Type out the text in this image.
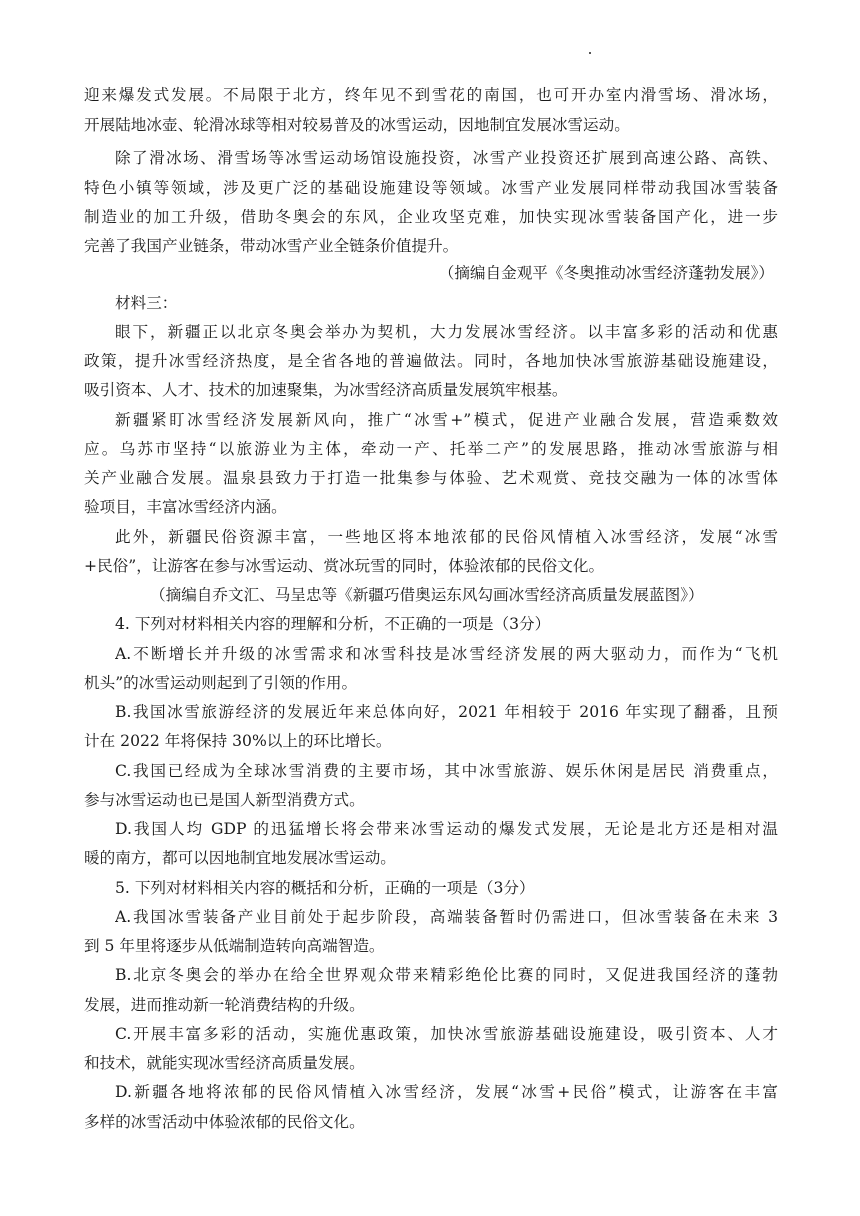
迎来爆发式发展。不局限于北方，终年见不到雪花的南国，也可开办室内滑雪场、滑冰场，
开展陆地冰壶、轮滑冰球等相对较易普及的冰雪运动，因地制宜发展冰雪运动。
除了滑冰场、滑雪场等冰雪运动场馆设施投资，冰雪产业投资还扩展到高速公路、高铁、
特色小镇等领域，涉及更广泛的基础设施建设等领域。冰雪产业发展同样带动我国冰雪装备
制造业的加工升级，借助冬奥会的东风，企业攻坚克难，加快实现冰雪装备国产化，进一步
完善了我国产业链条，带动冰雪产业全链条价值提升。
（摘编自金观平《冬奥推动冰雪经济蓬勃发展》）
材料三：
眼下，新疆正以北京冬奥会举办为契机，大力发展冰雪经济。以丰富多彩的活动和优惠
政策，提升冰雪经济热度，是全省各地的普遍做法。同时，各地加快冰雪旅游基础设施建设，
吸引资本、人才、技术的加速聚集，为冰雪经济高质量发展筑牢根基。
新疆紧盯冰雪经济发展新风向，推广“冰雪+”模式，促进产业融合发展，营造乘数效
应。乌苏市坚持“以旅游业为主体，牵动一产、托举二产”的发展思路，推动冰雪旅游与相
关产业融合发展。温泉县致力于打造一批集参与体验、艺术观赏、竞技交融为一体的冰雪体
验项目，丰富冰雪经济内涵。
此外，新疆民俗资源丰富，一些地区将本地浓郁的民俗风情植入冰雪经济，发展“冰雪
+民俗”，让游客在参与冰雪运动、赏冰玩雪的同时，体验浓郁的民俗文化。
（摘编自乔文汇、马呈忠等《新疆巧借奥运东风勾画冰雪经济高质量发展蓝图》）
4. 下列对材料相关内容的理解和分析，不正确的一项是（3分）
A.不断增长并升级的冰雪需求和冰雪科技是冰雪经济发展的两大驱动力，而作为“飞机
机头”的冰雪运动则起到了引领的作用。
B.我国冰雪旅游经济的发展近年来总体向好，2021 年相较于 2016 年实现了翻番，且预
计在 2022 年将保持 30%以上的环比增长。
C.我国已经成为全球冰雪消费的主要市场，其中冰雪旅游、娱乐休闲是居民 消费重点，
参与冰雪运动也已是国人新型消费方式。
D.我国人均 GDP 的迅猛增长将会带来冰雪运动的爆发式发展，无论是北方还是相对温
暖的南方，都可以因地制宜地发展冰雪运动。
5. 下列对材料相关内容的概括和分析，正确的一项是（3分）
A.我国冰雪装备产业目前处于起步阶段，高端装备暂时仍需进口，但冰雪装备在未来 3
到 5 年里将逐步从低端制造转向高端智造。
B.北京冬奥会的举办在给全世界观众带来精彩绝伦比赛的同时，又促进我国经济的蓬勃
发展，进而推动新一轮消费结构的升级。
C.开展丰富多彩的活动，实施优惠政策，加快冰雪旅游基础设施建设，吸引资本、人才
和技术，就能实现冰雪经济高质量发展。
D.新疆各地将浓郁的民俗风情植入冰雪经济，发展“冰雪+民俗”模式，让游客在丰富
多样的冰雪活动中体验浓郁的民俗文化。
